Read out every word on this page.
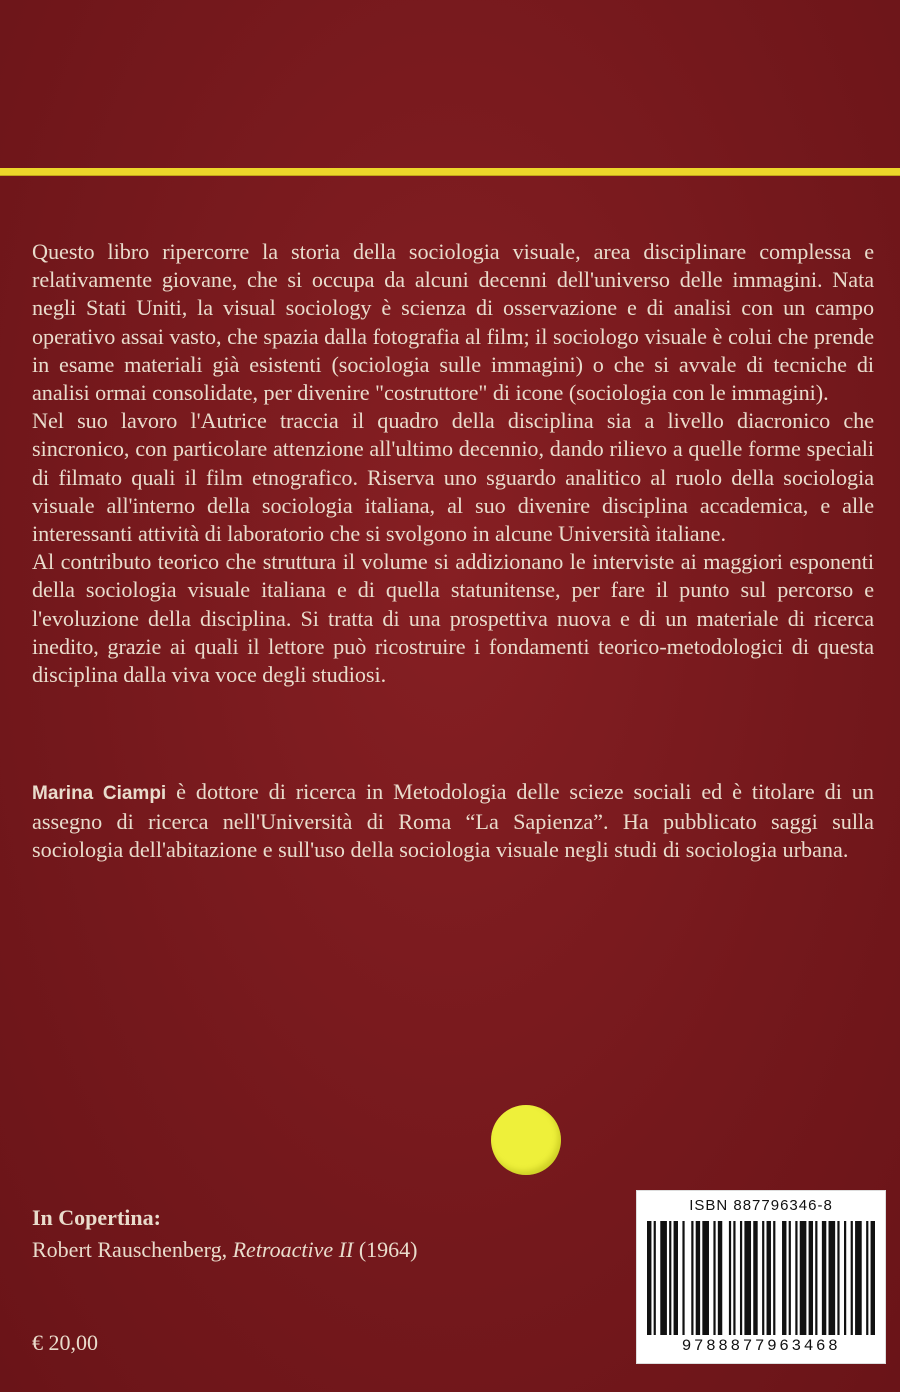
Questo libro ripercorre la storia della sociologia visuale, area disciplinare complessa e relativamente giovane, che si occupa da alcuni decenni dell'universo delle immagini. Nata negli Stati Uniti, la visual sociology è scienza di osservazione e di analisi con un campo operativo assai vasto, che spazia dalla fotografia al film; il sociologo visuale è colui che prende in esame materiali già esistenti (sociologia sulle immagini) o che si avvale di tecniche di analisi ormai consolidate, per divenire "costruttore" di icone (sociologia con le immagini).

Nel suo lavoro l'Autrice traccia il quadro della disciplina sia a livello diacronico che sincronico, con particolare attenzione all'ultimo decennio, dando rilievo a quelle forme speciali di filmato quali il film etnografico. Riserva uno sguardo analitico al ruolo della sociologia visuale all'interno della sociologia italiana, al suo divenire disciplina accademica, e alle interessanti attività di laboratorio che si svolgono in alcune Università italiane.

Al contributo teorico che struttura il volume si addizionano le interviste ai maggiori esponenti della sociologia visuale italiana e di quella statunitense, per fare il punto sul percorso e l'evoluzione della disciplina. Si tratta di una prospettiva nuova e di un materiale di ricerca inedito, grazie ai quali il lettore può ricostruire i fondamenti teorico-metodologici di questa disciplina dalla viva voce degli studiosi.

Marina Ciampi è dottore di ricerca in Metodologia delle scieze sociali ed è titolare di un assegno di ricerca nell'Università di Roma “La Sapienza”. Ha pubblicato saggi sulla sociologia dell'abitazione e sull'uso della sociologia visuale negli studi di sociologia urbana.

In Copertina:
Robert Rauschenberg, Retroactive II (1964)
€ 20,00
ISBN 887796346-8
9788877963468
